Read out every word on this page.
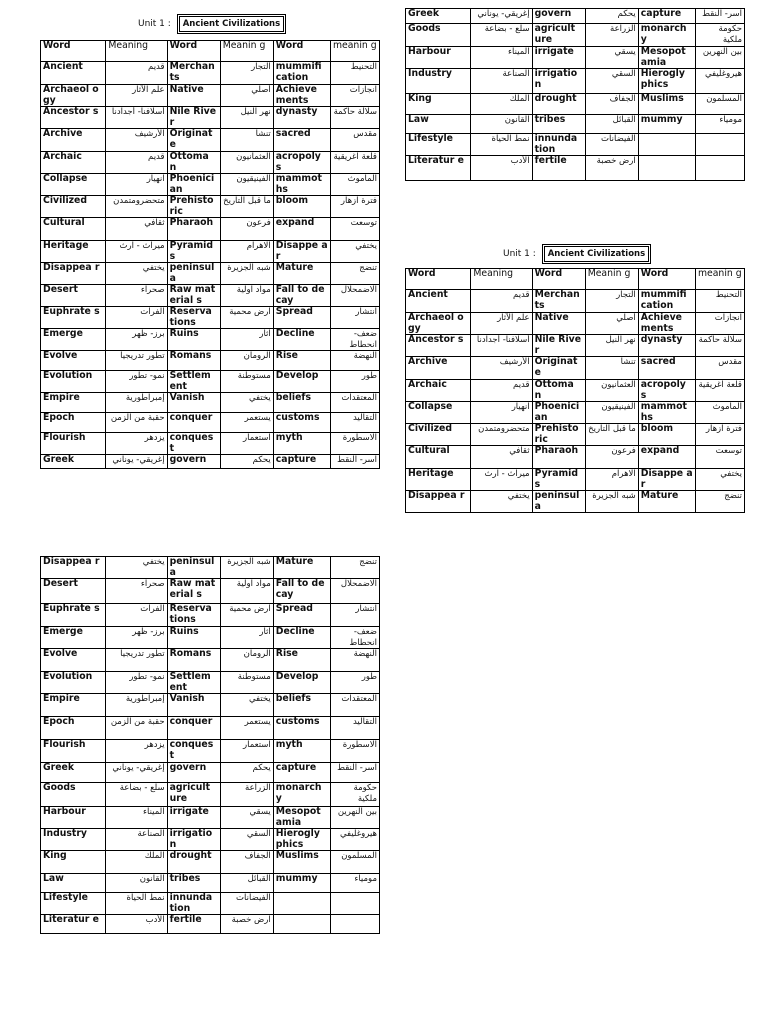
Unit 1 : Ancient Civilizations
Word	Meaning	Word	Meanin g	Word	meanin g
Ancient	قديم	Merchan ts	التجار	mummifi cation	التحنيط
Archaeol ogy	علم الآثار	Native	أصلي	Achieve ments	انجازات
Ancestor s	أسلافنا- أجدادنا	Nile River	نهر النيل	dynasty	سلالة حاكمة
Archive	الأرشيف	Originat e	تنشأ	sacred	مقدس
Archaic	قديم	Ottoma n	العثمانيون	acropoly s	قلعة اغريقية
Collapse	انهيار	Phoenici an	الفينيقيون	mammot hs	الماموث
Civilized	متحضرومتمدن	Prehisto ric	ما قبل التاريخ	bloom	فترة ازهار
Cultural	ثقافي	Pharaoh	فرعون	expand	توسعت
Heritage	ميراث - ارث	Pyramid s	الاهرام	Disappe ar	يختفي
Disappea r	يختفي	peninsul a	شبه الجزيرة	Mature	تنضج
Desert	صحراء	Raw material s	مواد اولية	Fall to decay	الاضمحلال
Euphrate s	الفرات	Reserva tions	ارض محمية	Spread	انتشار
Emerge	برز- ظهر	Ruins	آثار	Decline	ضعف- انحطاط
Evolve	تطور تدريجيا	Romans	الرومان	Rise	النهضة
Evolution	نمو- تطور	Settlem ent	مستوطنة	Develop	طور
Empire	إمبراطورية	Vanish	يختفي	beliefs	المعتقدات
Epoch	حقبة من الزمن	conquer	يستعمر	customs	التقاليد
Flourish	يزدهر	conques t	استعمار	myth	الاسطورة
Greek	إغريقي- يوناني	govern	يحكم	capture	اسر- النقط
Greek	إغريقي- يوناني	govern	يحكم	capture	اسر- النقط
Goods	سلع - بضاعة	agricult ure	الزراعة	monarch y	حكومة ملكية
Harbour	الميناء	irrigate	يسقي	Mesopot amia	بين النهرين
Industry	الصناعة	irrigatio n	السقي	Hierogly phics	هيروغليفي
King	الملك	drought	الجفاف	Muslims	المسلمون
Law	القانون	tribes	القبائل	mummy	مومياء
Lifestyle	نمط الحياة	innunda tion	الفيضانات		
Literatur e	الأدب	fertile	ارض خصبة		
Unit 1 : Ancient Civilizations
Word	Meaning	Word	Meanin g	Word	meanin g
Ancient	قديم	Merchan ts	التجار	mummifi cation	التحنيط
Archaeol ogy	علم الآثار	Native	أصلي	Achieve ments	انجازات
Ancestor s	أسلافنا- أجدادنا	Nile River	نهر النيل	dynasty	سلالة حاكمة
Archive	الأرشيف	Originat e	تنشأ	sacred	مقدس
Archaic	قديم	Ottoma n	العثمانيون	acropoly s	قلعة اغريقية
Collapse	انهيار	Phoenici an	الفينيقيون	mammot hs	الماموث
Civilized	متحضرومتمدن	Prehisto ric	ما قبل التاريخ	bloom	فترة ازهار
Cultural	ثقافي	Pharaoh	فرعون	expand	توسعت
Heritage	ميراث - ارث	Pyramid s	الاهرام	Disappe ar	يختفي
Disappea r	يختفي	peninsul a	شبه الجزيرة	Mature	تنضج
Disappea r	يختفي	peninsul a	شبه الجزيرة	Mature	تنضج
Desert	صحراء	Raw material s	مواد اولية	Fall to decay	الاضمحلال
Euphrate s	الفرات	Reserva tions	ارض محمية	Spread	انتشار
Emerge	برز- ظهر	Ruins	آثار	Decline	ضعف- انحطاط
Evolve	تطور تدريجيا	Romans	الرومان	Rise	النهضة
Evolution	نمو- تطور	Settlem ent	مستوطنة	Develop	طور
Empire	إمبراطورية	Vanish	يختفي	beliefs	المعتقدات
Epoch	حقبة من الزمن	conquer	يستعمر	customs	التقاليد
Flourish	يزدهر	conques t	استعمار	myth	الاسطورة
Greek	إغريقي- يوناني	govern	يحكم	capture	اسر- النقط
Goods	سلع - بضاعة	agricult ure	الزراعة	monarch y	حكومة ملكية
Harbour	الميناء	irrigate	يسقي	Mesopot amia	بين النهرين
Industry	الصناعة	irrigatio n	السقي	Hierogly phics	هيروغليفي
King	الملك	drought	الجفاف	Muslims	المسلمون
Law	القانون	tribes	القبائل	mummy	مومياء
Lifestyle	نمط الحياة	innunda tion	الفيضانات		
Literatur e	الأدب	fertile	ارض خصبة		
